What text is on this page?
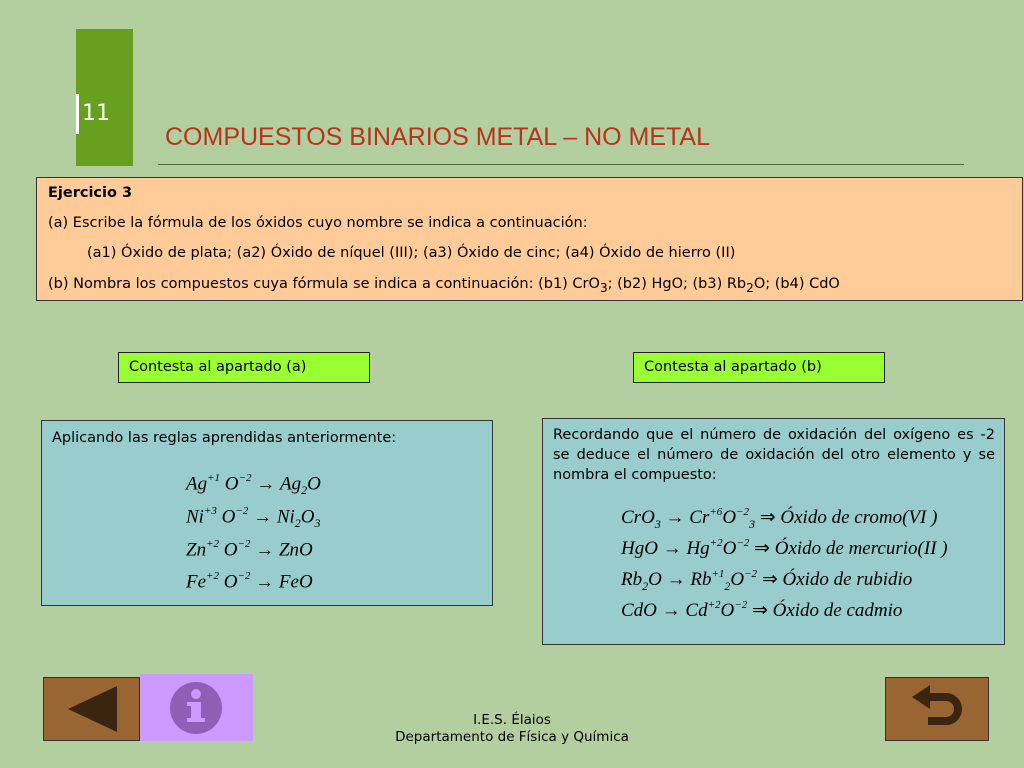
11
COMPUESTOS BINARIOS METAL – NO METAL
Ejercicio 3
(a) Escribe la fórmula de los óxidos cuyo nombre se indica a continuación:
(a1) Óxido de plata; (a2) Óxido de níquel (III); (a3) Óxido de cinc; (a4) Óxido de hierro (II)
(b) Nombra los compuestos cuya fórmula se indica a continuación: (b1) CrO$_3$; (b2) HgO; (b3) $Rb_2O$; (b4) CdO
Contesta al apartado (a)	Contesta al apartado (b)
Aplicando las reglas aprendidas anteriormente:
$Ag^{+1}$ $O^{-2} \to Ag_2O$
$Ni^{+3}$ $O^{-2} \to Ni_2O_3$
$Zn^{+2}$ $O^{-2}$ → ZnO
$Fe^{+2}$ $O^{-2}$ → FeO
Recordando que el número de oxidación del oxígeno es -2 se deduce el número de oxidación del otro elemento y se nombra el compuesto:
$CrO_3 \to Cr^{+6}O^{-2}_3$ ⇒ Óxido de cromo(VI )
HgO → $Hg^{+2}O^{-2}$ ⇒ Óxido de mercurio(II )
$Rb_2O \to Rb^{+1}_2O^{-2}$ ⇒ Óxido de rubidio
CdO → $Cd^{+2}O^{-2}$ ⇒ Óxido de cadmio
I.E.S. Élaios
Departamento de Física y Química
